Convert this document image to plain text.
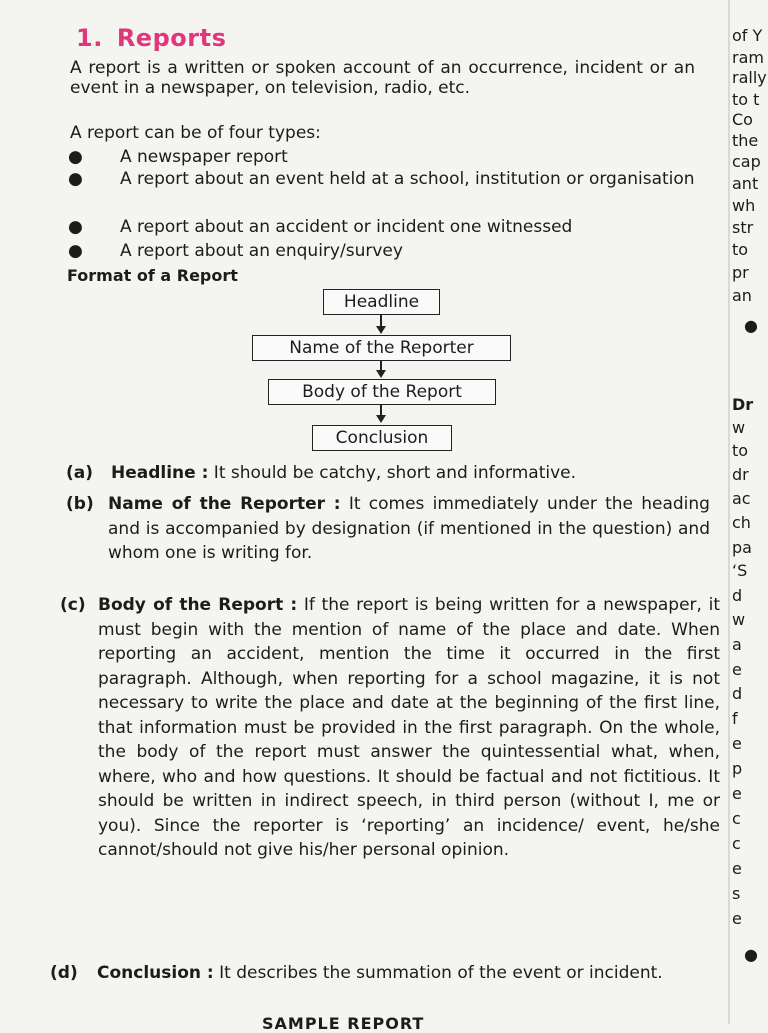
1. Reports

A report is a written or spoken account of an occurrence, incident or an event in a newspaper, on television, radio, etc.

A report can be of four types:

● A newspaper report
● A report about an event held at a school, institution or organisation
● A report about an accident or incident one witnessed
● A report about an enquiry/survey
Format of a Report
Headline
Name of the Reporter
Body of the Report
Conclusion
(a) Headline : It should be catchy, short and informative.
(b) Name of the Reporter : It comes immediately under the heading and is accompanied by designation (if mentioned in the question) and whom one is writing for.
(c) Body of the Report : If the report is being written for a newspaper, it must begin with the mention of name of the place and date. When reporting an accident, mention the time it occurred in the first paragraph. Although, when reporting for a school magazine, it is not necessary to write the place and date at the beginning of the first line, that information must be provided in the first paragraph. On the whole, the body of the report must answer the quintessential what, when, where, who and how questions. It should be factual and not fictitious. It should be written in indirect speech, in third person (without I, me or you). Since the reporter is ‘reporting’ an incidence/ event, he/she cannot/should not give his/her personal opinion.
(d) Conclusion : It describes the summation of the event or incident.
SAMPLE REPORT
of Y
ram
rally
to t
Co
the
cap
ant
wh
str
to
pr
an
●
Dr
w
to
dr
ac
ch
pa
‘S
d
w
a
e
d
f
e
p
e
c
c
e
s
e
●
